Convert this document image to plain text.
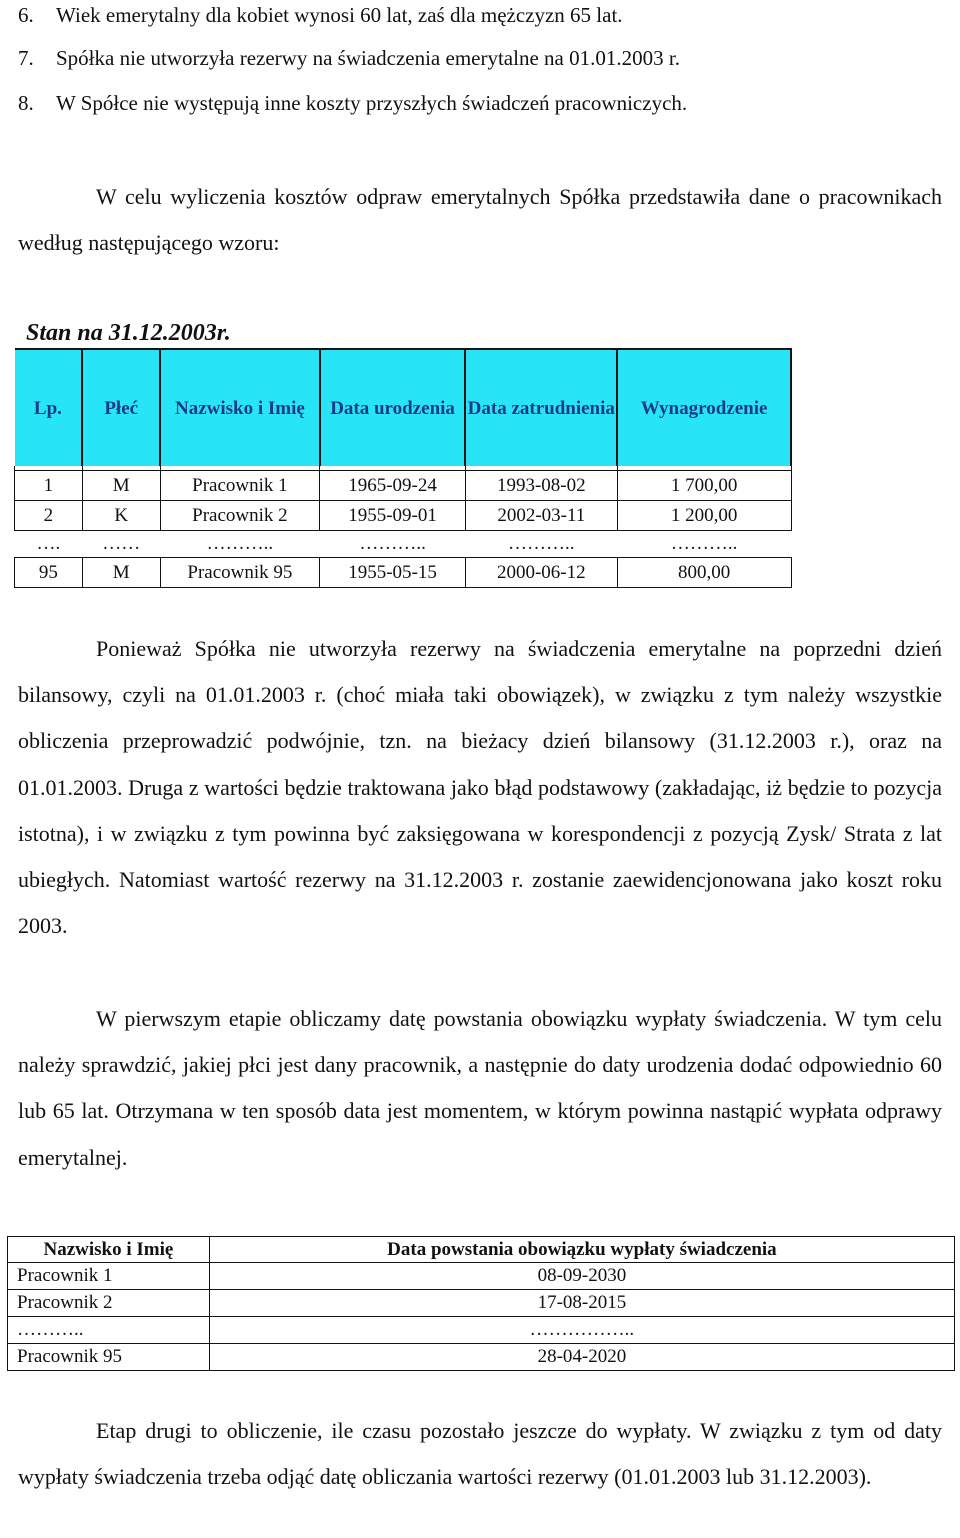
6. Wiek emerytalny dla kobiet wynosi 60 lat, zaś dla mężczyzn 65 lat.
7. Spółka nie utworzyła rezerwy na świadczenia emerytalne na 01.01.2003 r.
8. W Spółce nie występują inne koszty przyszłych świadczeń pracowniczych.

W celu wyliczenia kosztów odpraw emerytalnych Spółka przedstawiła dane o pracownikach według następującego wzoru:

Stan na 31.12.2003r.
Lp.	Płeć	Nazwisko i Imię	Data urodzenia	Data zatrudnienia	Wynagrodzenie

1	M	Pracownik 1	1965-09-24	1993-08-02	1 700,00
2	K	Pracownik 2	1955-09-01	2002-03-11	1 200,00
….	……	………..	………..	………..	………..
95	M	Pracownik 95	1955-05-15	2000-06-12	800,00

Ponieważ Spółka nie utworzyła rezerwy na świadczenia emerytalne na poprzedni dzień bilansowy, czyli na 01.01.2003 r. (choć miała taki obowiązek), w związku z tym należy wszystkie obliczenia przeprowadzić podwójnie, tzn. na bieżacy dzień bilansowy (31.12.2003 r.), oraz na 01.01.2003. Druga z wartości będzie traktowana jako błąd podstawowy (zakładając, iż będzie to pozycja istotna), i w związku z tym powinna być zaksięgowana w korespondencji z pozycją Zysk/ Strata z lat ubiegłych. Natomiast wartość rezerwy na 31.12.2003 r. zostanie zaewidencjonowana jako koszt roku 2003.

W pierwszym etapie obliczamy datę powstania obowiązku wypłaty świadczenia. W tym celu należy sprawdzić, jakiej płci jest dany pracownik, a następnie do daty urodzenia dodać odpowiednio 60 lub 65 lat. Otrzymana w ten sposób data jest momentem, w którym powinna nastąpić wypłata odprawy emerytalnej.

Nazwisko i Imię	Data powstania obowiązku wypłaty świadczenia
Pracownik 1	08-09-2030
Pracownik 2	17-08-2015
………..	……………..
Pracownik 95	28-04-2020

Etap drugi to obliczenie, ile czasu pozostało jeszcze do wypłaty. W związku z tym od daty wypłaty świadczenia trzeba odjąć datę obliczania wartości rezerwy (01.01.2003 lub 31.12.2003).
